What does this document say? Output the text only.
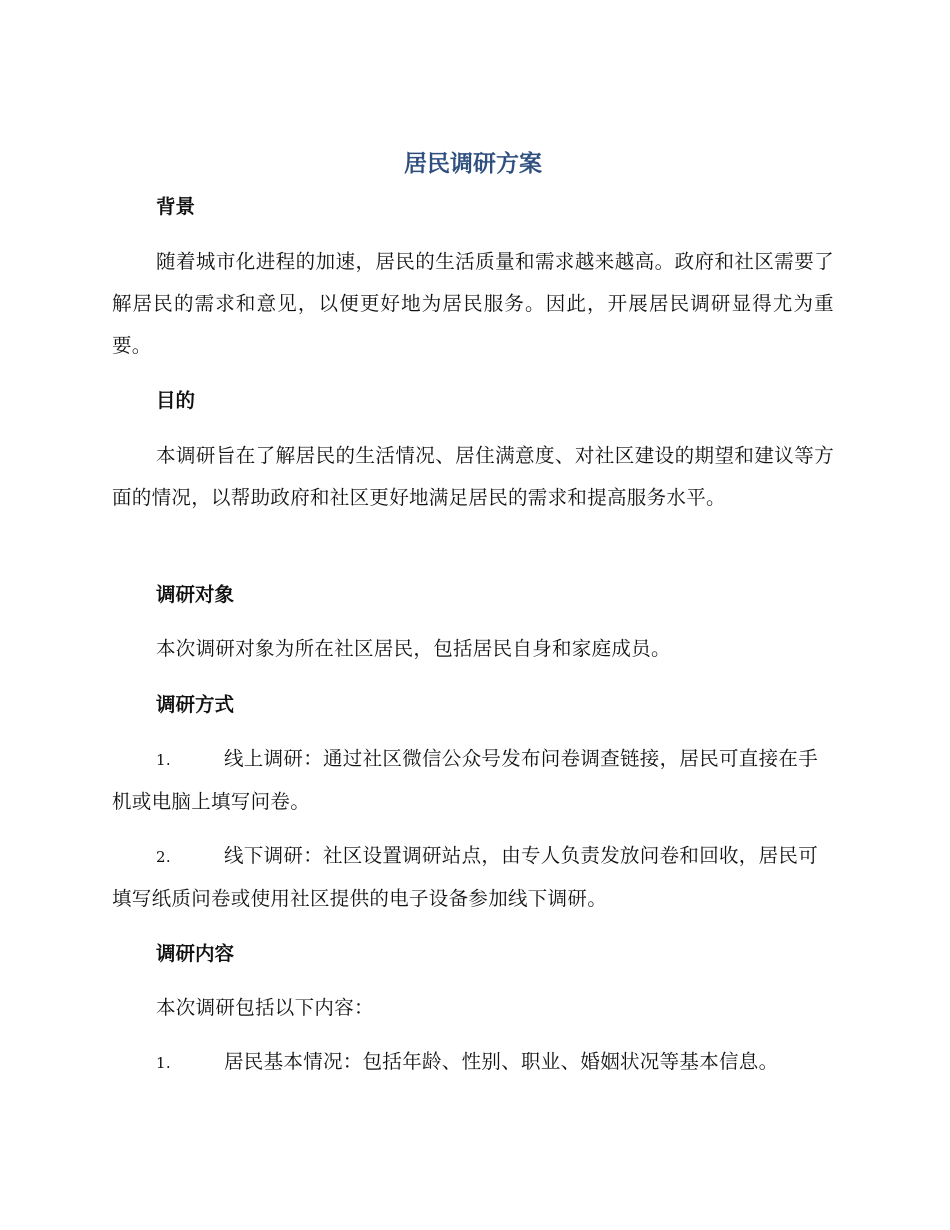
居民调研方案
背景
随着城市化进程的加速，居民的生活质量和需求越来越高。政府和社区需要了解居民的需求和意见，以便更好地为居民服务。因此，开展居民调研显得尤为重要。
目的
本调研旨在了解居民的生活情况、居住满意度、对社区建设的期望和建议等方面的情况，以帮助政府和社区更好地满足居民的需求和提高服务水平。
调研对象
本次调研对象为所在社区居民，包括居民自身和家庭成员。
调研方式
1.	线上调研：通过社区微信公众号发布问卷调查链接，居民可直接在手机或电脑上填写问卷。
2.	线下调研：社区设置调研站点，由专人负责发放问卷和回收，居民可填写纸质问卷或使用社区提供的电子设备参加线下调研。
调研内容
本次调研包括以下内容：
1.	居民基本情况：包括年龄、性别、职业、婚姻状况等基本信息。
